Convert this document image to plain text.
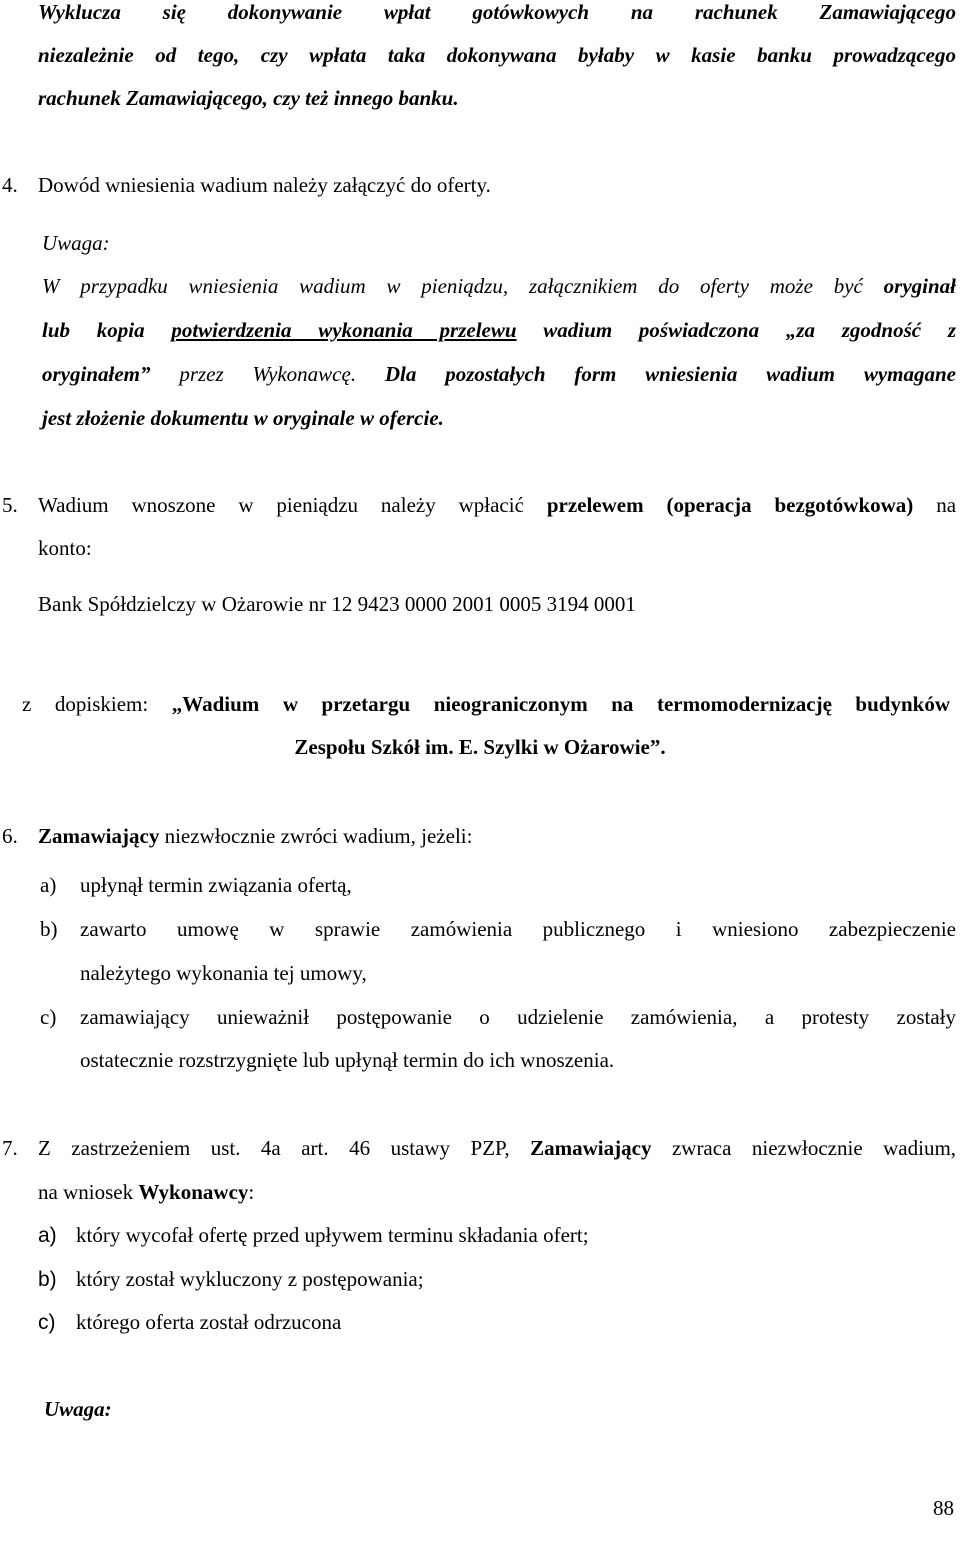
Wyklucza się dokonywanie wpłat gotówkowych na rachunek Zamawiającego
niezależnie od tego, czy wpłata taka dokonywana byłaby w kasie banku prowadzącego
rachunek Zamawiającego, czy też innego banku.
4. Dowód wniesienia wadium należy załączyć do oferty.
Uwaga:
W przypadku wniesienia wadium w pieniądzu, załącznikiem do oferty może być oryginał
lub kopia potwierdzenia wykonania przelewu wadium poświadczona „za zgodność z
oryginałem” przez Wykonawcę. Dla pozostałych form wniesienia wadium wymagane
jest złożenie dokumentu w oryginale w ofercie.
5. Wadium wnoszone w pieniądzu należy wpłacić przelewem (operacja bezgotówkowa) na
konto:
Bank Spółdzielczy w Ożarowie nr 12 9423 0000 2001 0005 3194 0001
z dopiskiem: „Wadium w przetargu nieograniczonym na termomodernizację budynków
Zespołu Szkół im. E. Szylki w Ożarowie”.
6. Zamawiający niezwłocznie zwróci wadium, jeżeli:
a) upłynął termin związania ofertą,
b) zawarto umowę w sprawie zamówienia publicznego i wniesiono zabezpieczenie
należytego wykonania tej umowy,
c) zamawiający unieważnił postępowanie o udzielenie zamówienia, a protesty zostały
ostatecznie rozstrzygnięte lub upłynął termin do ich wnoszenia.
7. Z zastrzeżeniem ust. 4a art. 46 ustawy PZP, Zamawiający zwraca niezwłocznie wadium,
na wniosek Wykonawcy:
a) który wycofał ofertę przed upływem terminu składania ofert;
b) który został wykluczony z postępowania;
c) którego oferta został odrzucona
Uwaga:
88
